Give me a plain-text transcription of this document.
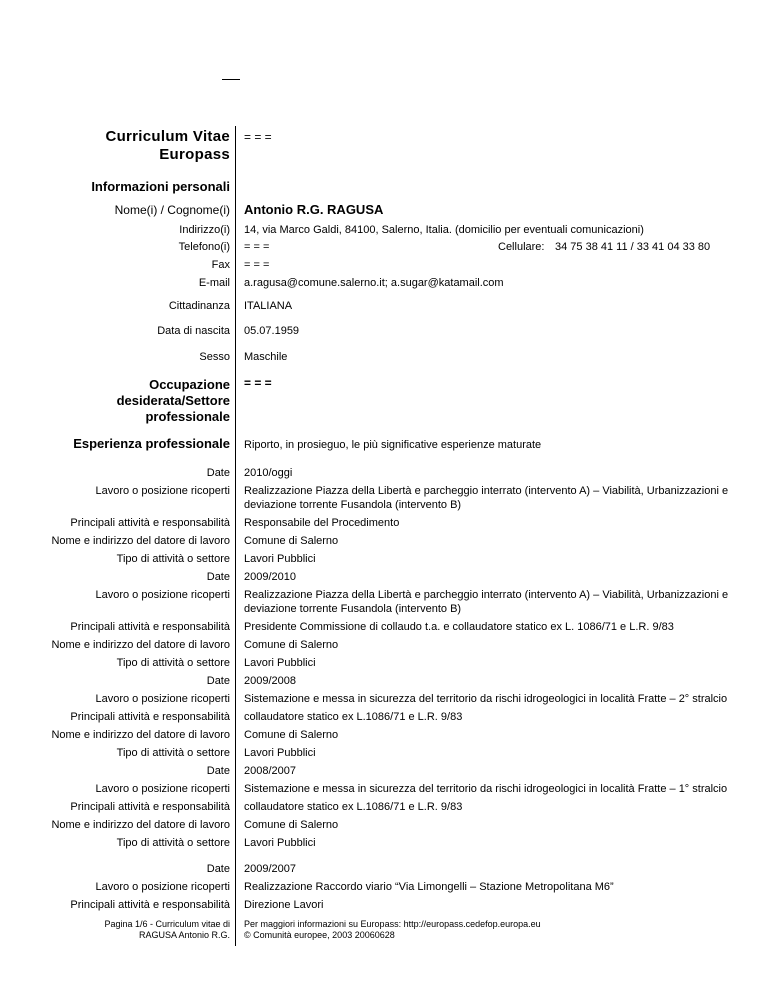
Curriculum Vitae
Europass
= = =
Informazioni personali
Nome(i) / Cognome(i) Antonio R.G. RAGUSA
Indirizzo(i) 14, via Marco Galdi, 84100, Salerno, Italia. (domicilio per eventuali comunicazioni)
Telefono(i) = = =	Cellulare: 34 75 38 41 11 / 33 41 04 33 80
Fax = = =
E-mail a.ragusa@comune.salerno.it; a.sugar@katamail.com
Cittadinanza ITALIANA
Data di nascita 05.07.1959
Sesso Maschile
Occupazione
desiderata/Settore
professionale
= = =
Esperienza professionale Riporto, in prosieguo, le più significative esperienze maturate
Date 2010/oggi
Lavoro o posizione ricoperti Realizzazione Piazza della Libertà e parcheggio interrato (intervento A) – Viabilità, Urbanizzazioni e
deviazione torrente Fusandola (intervento B)
Principali attività e responsabilità Responsabile del Procedimento
Nome e indirizzo del datore di lavoro Comune di Salerno
Tipo di attività o settore Lavori Pubblici
Date 2009/2010
Lavoro o posizione ricoperti Realizzazione Piazza della Libertà e parcheggio interrato (intervento A) – Viabilità, Urbanizzazioni e
deviazione torrente Fusandola (intervento B)
Principali attività e responsabilità Presidente Commissione di collaudo t.a. e collaudatore statico ex L. 1086/71 e L.R. 9/83
Nome e indirizzo del datore di lavoro Comune di Salerno
Tipo di attività o settore Lavori Pubblici
Date 2009/2008
Lavoro o posizione ricoperti Sistemazione e messa in sicurezza del territorio da rischi idrogeologici in località Fratte – 2° stralcio
Principali attività e responsabilità collaudatore statico ex L.1086/71 e L.R. 9/83
Nome e indirizzo del datore di lavoro Comune di Salerno
Tipo di attività o settore Lavori Pubblici
Date 2008/2007
Lavoro o posizione ricoperti Sistemazione e messa in sicurezza del territorio da rischi idrogeologici in località Fratte – 1° stralcio
Principali attività e responsabilità collaudatore statico ex L.1086/71 e L.R. 9/83
Nome e indirizzo del datore di lavoro Comune di Salerno
Tipo di attività o settore Lavori Pubblici
Date 2009/2007
Lavoro o posizione ricoperti Realizzazione Raccordo viario “Via Limongelli – Stazione Metropolitana M6”
Principali attività e responsabilità Direzione Lavori
Pagina 1/6 - Curriculum vitae di
RAGUSA Antonio R.G.
Per maggiori informazioni su Europass: http://europass.cedefop.europa.eu
© Comunità europee, 2003 20060628
